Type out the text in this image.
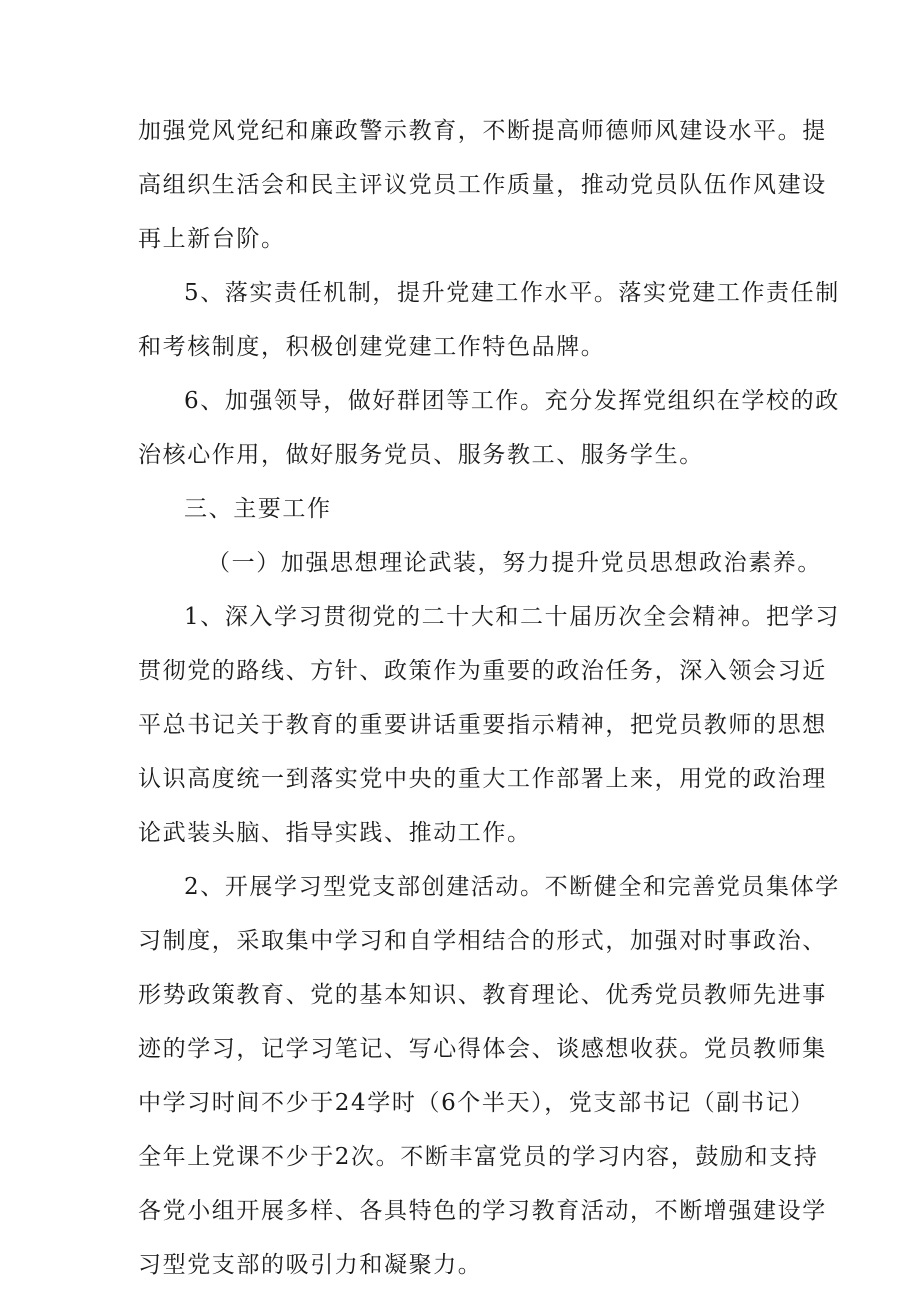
加强党风党纪和廉政警示教育，不断提高师德师风建设水平。提
高组织生活会和民主评议党员工作质量，推动党员队伍作风建设
再上新台阶。
5、落实责任机制，提升党建工作水平。落实党建工作责任制
和考核制度，积极创建党建工作特色品牌。
6、加强领导，做好群团等工作。充分发挥党组织在学校的政
治核心作用，做好服务党员、服务教工、服务学生。
三、主要工作
（一）加强思想理论武装，努力提升党员思想政治素养。
1、深入学习贯彻党的二十大和二十届历次全会精神。把学习
贯彻党的路线、方针、政策作为重要的政治任务，深入领会习近
平总书记关于教育的重要讲话重要指示精神，把党员教师的思想
认识高度统一到落实党中央的重大工作部署上来，用党的政治理
论武装头脑、指导实践、推动工作。
2、开展学习型党支部创建活动。不断健全和完善党员集体学
习制度，采取集中学习和自学相结合的形式，加强对时事政治、
形势政策教育、党的基本知识、教育理论、优秀党员教师先进事
迹的学习，记学习笔记、写心得体会、谈感想收获。党员教师集
中学习时间不少于24学时（6个半天），党支部书记（副书记）
全年上党课不少于2次。不断丰富党员的学习内容，鼓励和支持
各党小组开展多样、各具特色的学习教育活动，不断增强建设学
习型党支部的吸引力和凝聚力。
